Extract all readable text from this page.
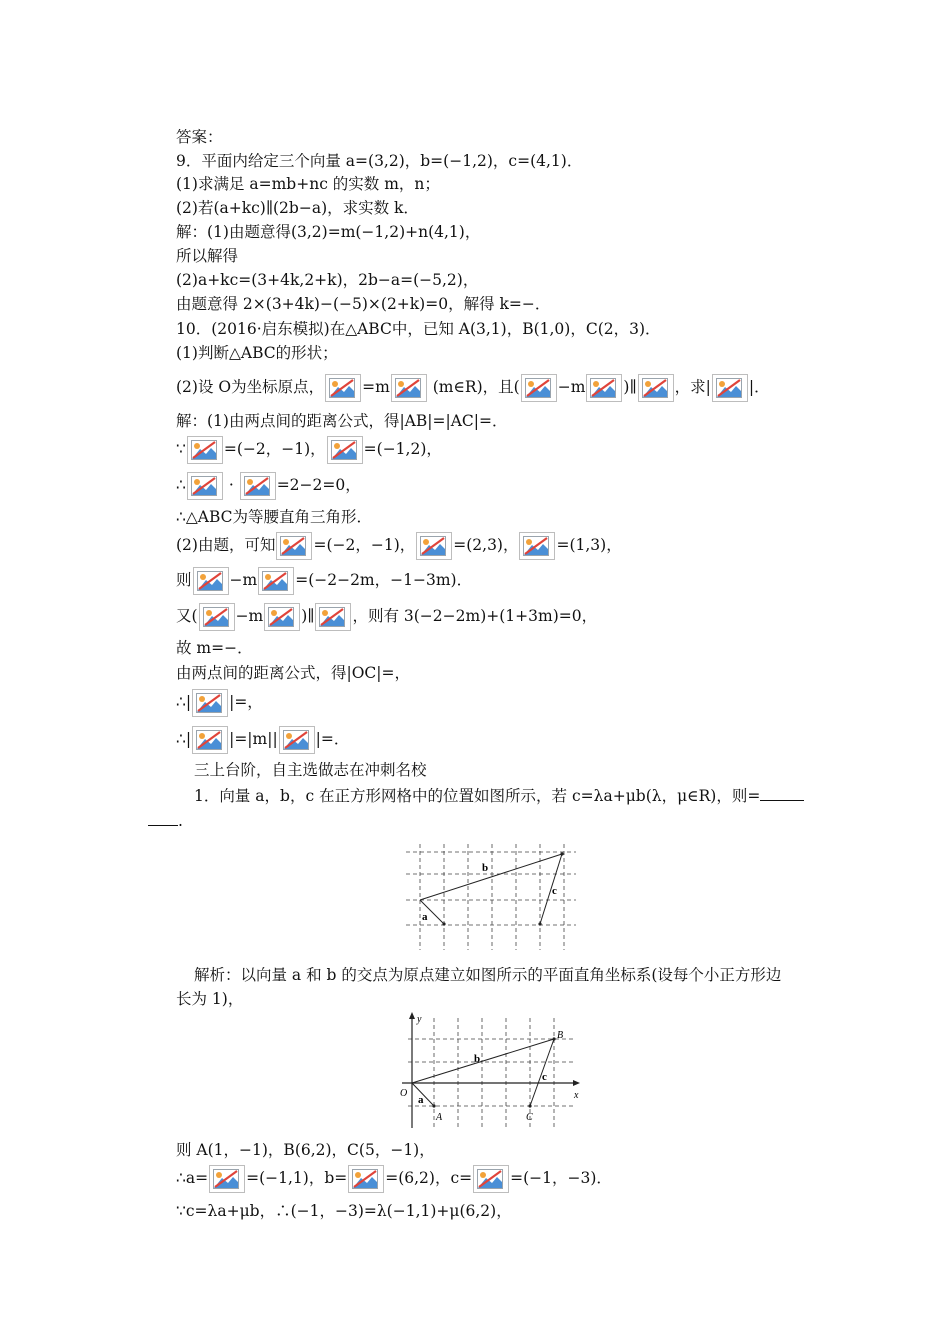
答案：
9．平面内给定三个向量 a=(3,2)，b=(−1,2)，c=(4,1)．
(1)求满足 a=mb+nc 的实数 m，n；
(2)若(a+kc)∥(2b−a)，求实数 k．
解：(1)由题意得(3,2)=m(−1,2)+n(4,1)，
所以解得
(2)a+kc=(3+4k,2+k)，2b−a=(−5,2)，
由题意得 2×(3+4k)−(−5)×(2+k)=0，解得 k=−．
10．(2016·启东模拟)在△ABC中，已知 A(3,1)，B(1,0)，C(2，3)．
(1)判断△ABC的形状；
(2)设 O为坐标原点， =m	(m∈R)，且( −m )∥ ，求| |．
解：(1)由两点间的距离公式，得|AB|=|AC|=．
∵ =(−2，−1)， =(−1,2)，
∴	·	=2−2=0，
∴△ABC为等腰直角三角形．
(2)由题，可知 =(−2，−1)， =(2,3)， =(1,3)，
则 −m =(−2−2m，−1−3m)．
又( −m )∥ ，则有 3(−2−2m)+(1+3m)=0，
故 m=−．
由两点间的距离公式，得|OC|=，
∴| |=，
∴| |=|m|| |=．
三上台阶，自主选做志在冲刺名校
1．向量 a，b，c 在正方形网格中的位置如图所示，若 c=λa+μb(λ，μ∈R)，则=
.
a
b
c
解析：以向量 a 和 b 的交点为原点建立如图所示的平面直角坐标系(设每个小正方形边
长为 1)，
y
x
O
A
B
C
a
b
c
则 A(1，−1)，B(6,2)，C(5，−1)，
∴a= =(−1,1)，b= =(6,2)，c= =(−1，−3)．
∵c=λa+μb，∴(−1，−3)=λ(−1,1)+μ(6,2)，
